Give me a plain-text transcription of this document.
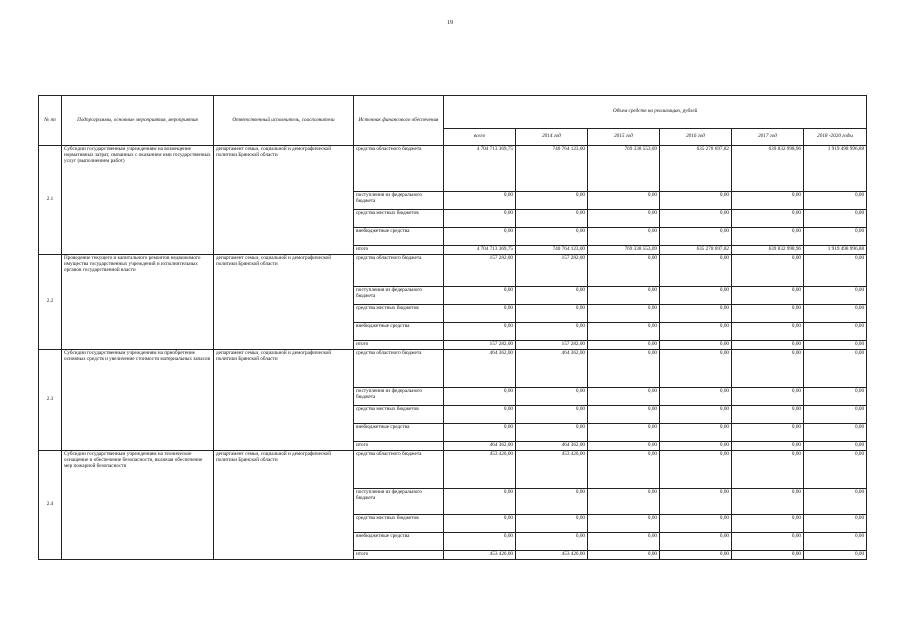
19
№ пп	Подпрограммы, основные мероприятия, мероприятия	Ответственный исполнитель, соисполнители	Источник финансового обеспечения	Объем средств на реализацию, рублей					
				всего	2014 год	2015 год	2016 год	2017 год	2018 -2020 годы
2.1	Субсидии государственным учреждениям на возмещение нормативных затрат, связанных с оказанием ими государственных услуг (выполнением работ)	департамент семьи, социальной и демографической политики Брянской области	средства областного бюджета	4 704 713 369,75	740 764 123,00	769 338 553,09	635 278 697,82	639 832 998,96	1 919 498 996,88
			поступления из федерального бюджета	0,00	0,00	0,00	0,00	0,00	0,00
			средства местных бюджетов	0,00	0,00	0,00	0,00	0,00	0,00
			внебюджетные средства	0,00	0,00	0,00	0,00	0,00	0,00
			итого	4 704 713 369,75	740 764 123,00	769 338 553,09	635 278 697,82	639 832 998,96	1 919 498 996,88
2.2	Проведение текущего и капитального ремонтов недвижимого имущества государственных учреждений и исполнительных органов государственной власти	департамент семьи, социальной и демографической политики Брянской области	средства областного бюджета	157 282,00	157 282,00	0,00	0,00	0,00	0,00
			поступления из федерального бюджета	0,00	0,00	0,00	0,00	0,00	0,00
			средства местных бюджетов	0,00	0,00	0,00	0,00	0,00	0,00
			внебюджетные средства	0,00	0,00	0,00	0,00	0,00	0,00
			итого	157 282,00	157 282,00	0,00	0,00	0,00	0,00
2.3	Субсидии государственным учреждениям на приобретение основных средств и увеличение стоимости материальных запасов	департамент семьи, социальной и демографической политики Брянской области	средства областного бюджета	464 362,00	464 362,00	0,00	0,00	0,00	0,00
			поступления из федерального бюджета	0,00	0,00	0,00	0,00	0,00	0,00
			средства местных бюджетов	0,00	0,00	0,00	0,00	0,00	0,00
			внебюджетные средства	0,00	0,00	0,00	0,00	0,00	0,00
			итого	464 362,00	464 362,00	0,00	0,00	0,00	0,00
2.4	Субсидии государственным учреждениям на техническое оснащение и обеспечение безопасности, включая обеспечение мер пожарной безопасности	департамент семьи, социальной и демографической политики Брянской области	средства областного бюджета	453 426,00	453 426,00	0,00	0,00	0,00	0,00
			поступления из федерального бюджета	0,00	0,00	0,00	0,00	0,00	0,00
			средства местных бюджетов	0,00	0,00	0,00	0,00	0,00	0,00
			внебюджетные средства	0,00	0,00	0,00	0,00	0,00	0,00
			итого	453 426,00	453 426,00	0,00	0,00	0,00	0,00
